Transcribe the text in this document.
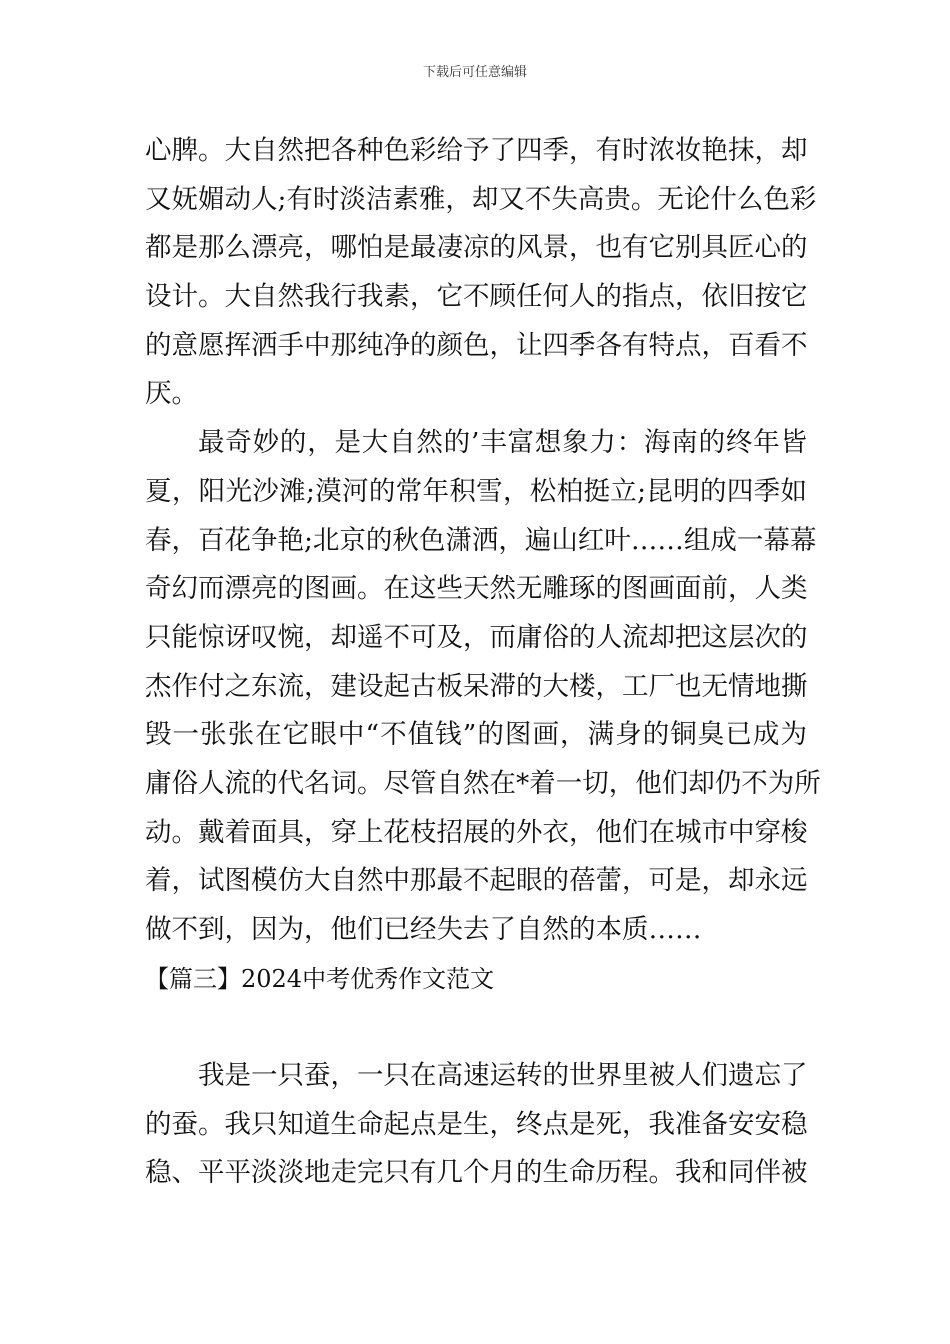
下载后可任意编辑
心脾。大自然把各种色彩给予了四季，有时浓妆艳抹，却
又妩媚动人;有时淡洁素雅，却又不失高贵。无论什么色彩
都是那么漂亮，哪怕是最凄凉的风景，也有它别具匠心的
设计。大自然我行我素，它不顾任何人的指点，依旧按它
的意愿挥洒手中那纯净的颜色，让四季各有特点，百看不
厌。
最奇妙的，是大自然的’丰富想象力：海南的终年皆
夏，阳光沙滩;漠河的常年积雪，松柏挺立;昆明的四季如
春，百花争艳;北京的秋色潇洒，遍山红叶……组成一幕幕
奇幻而漂亮的图画。在这些天然无雕琢的图画面前，人类
只能惊讶叹惋，却遥不可及，而庸俗的人流却把这层次的
杰作付之东流，建设起古板呆滞的大楼，工厂也无情地撕
毁一张张在它眼中“不值钱”的图画，满身的铜臭已成为
庸俗人流的代名词。尽管自然在*着一切，他们却仍不为所
动。戴着面具，穿上花枝招展的外衣，他们在城市中穿梭
着，试图模仿大自然中那最不起眼的蓓蕾，可是，却永远
做不到，因为，他们已经失去了自然的本质……
【篇三】2024中考优秀作文范文
我是一只蚕，一只在高速运转的世界里被人们遗忘了
的蚕。我只知道生命起点是生，终点是死，我准备安安稳
稳、平平淡淡地走完只有几个月的生命历程。我和同伴被
